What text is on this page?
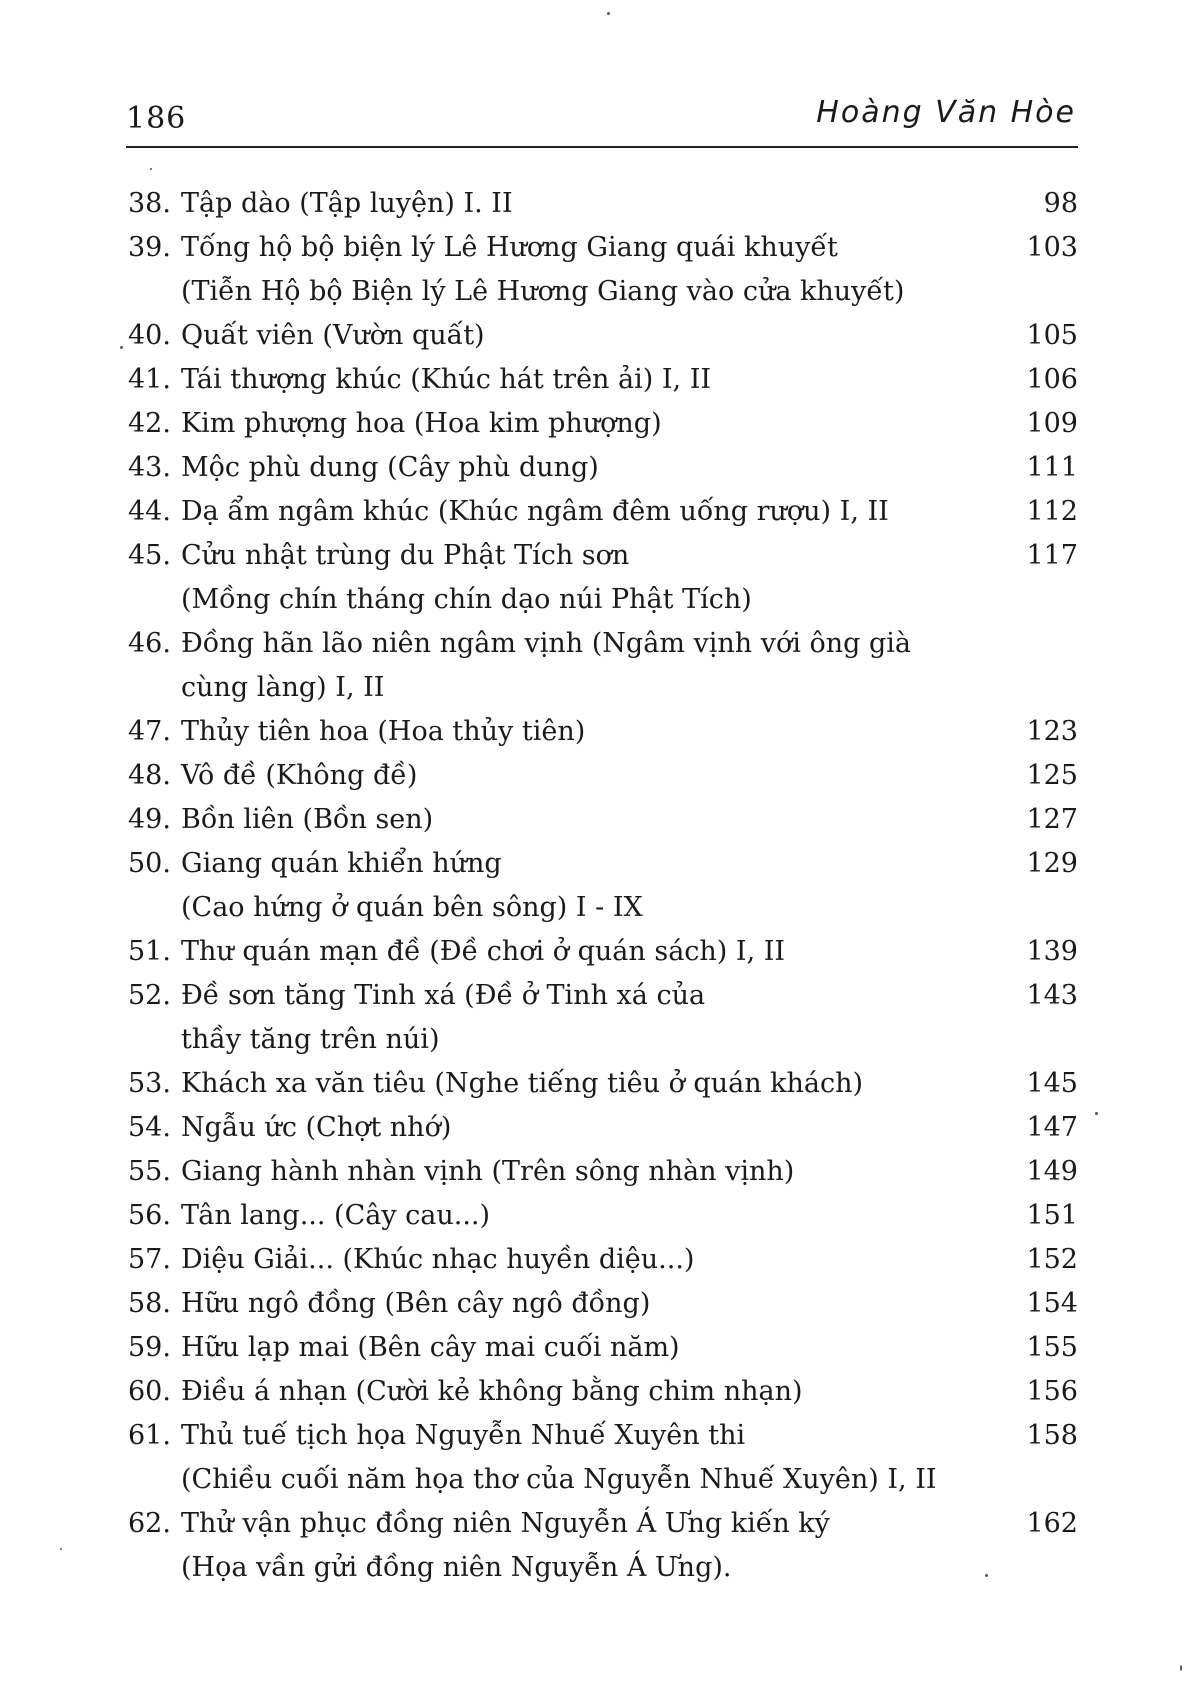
186	Hoàng Văn Hòe
38. Tập dào (Tập luyện) I. II	98
39. Tống hộ bộ biện lý Lê Hương Giang quái khuyết	103
(Tiễn Hộ bộ Biện lý Lê Hương Giang vào cửa khuyết)
40. Quất viên (Vườn quất)	105
41. Tái thượng khúc (Khúc hát trên ải) I, II	106
42. Kim phượng hoa (Hoa kim phượng)	109
43. Mộc phù dung (Cây phù dung)	111
44. Dạ ẩm ngâm khúc (Khúc ngâm đêm uống rượu) I, II	112
45. Cửu nhật trùng du Phật Tích sơn	117
(Mồng chín tháng chín dạo núi Phật Tích)
46. Đồng hãn lão niên ngâm vịnh (Ngâm vịnh với ông già
cùng làng) I, II
47. Thủy tiên hoa (Hoa thủy tiên)	123
48. Vô đề (Không đề)	125
49. Bồn liên (Bồn sen)	127
50. Giang quán khiển hứng	129
(Cao hứng ở quán bên sông) I - IX
51. Thư quán mạn đề (Đề chơi ở quán sách) I, II	139
52. Đề sơn tăng Tinh xá (Đề ở Tinh xá của	143
thầy tăng trên núi)
53. Khách xa văn tiêu (Nghe tiếng tiêu ở quán khách)	145
54. Ngẫu ức (Chợt nhớ)	147
55. Giang hành nhàn vịnh (Trên sông nhàn vịnh)	149
56. Tân lang... (Cây cau...)	151
57. Diệu Giải... (Khúc nhạc huyền diệu...)	152
58. Hữu ngô đồng (Bên cây ngô đồng)	154
59. Hữu lạp mai (Bên cây mai cuối năm)	155
60. Điều á nhạn (Cười kẻ không bằng chim nhạn)	156
61. Thủ tuế tịch họa Nguyễn Nhuế Xuyên thi	158
(Chiều cuối năm họa thơ của Nguyễn Nhuế Xuyên) I, II
62. Thử vận phục đồng niên Nguyễn Á Ưng kiến ký	162
(Họa vần gửi đồng niên Nguyễn Á Ưng).
